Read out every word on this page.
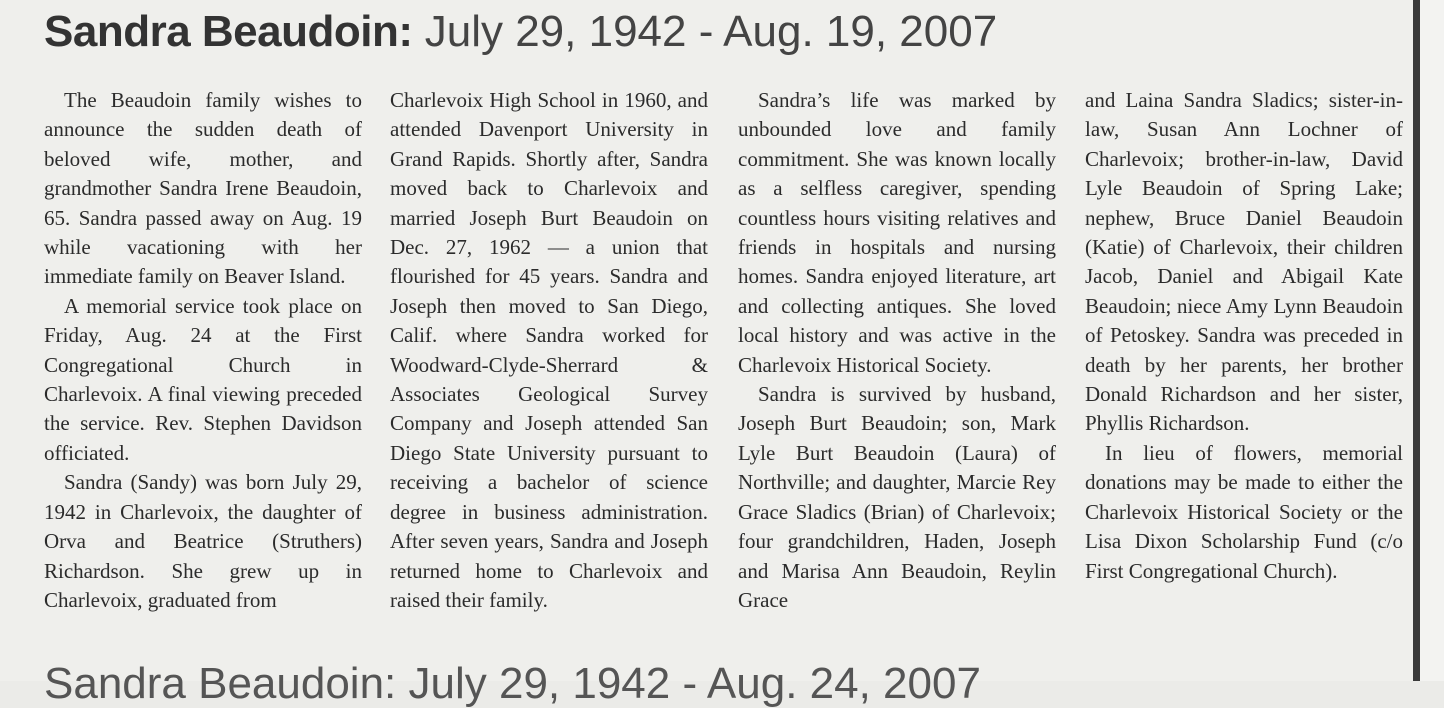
Sandra Beaudoin: July 29, 1942 - Aug. 19, 2007

The Beaudoin family wishes to announce the sudden death of beloved wife, mother, and grandmother Sandra Irene Beaudoin, 65. Sandra passed away on Aug. 19 while vacationing with her immediate family on Beaver Island.

A memorial service took place on Friday, Aug. 24 at the First Congregational Church in Charlevoix. A final viewing preceded the service. Rev. Stephen Davidson officiated.

Sandra (Sandy) was born July 29, 1942 in Charlevoix, the daughter of Orva and Beatrice (Struthers) Richardson. She grew up in Charlevoix, graduated from

Charlevoix High School in 1960, and attended Davenport University in Grand Rapids. Shortly after, Sandra moved back to Charlevoix and married Joseph Burt Beaudoin on Dec. 27, 1962 — a union that flourished for 45 years. Sandra and Joseph then moved to San Diego, Calif. where Sandra worked for Woodward-Clyde-Sherrard & Associates Geological Survey Company and Joseph attended San Diego State University pursuant to receiving a bachelor of science degree in business administration. After seven years, Sandra and Joseph returned home to Charlevoix and raised their family.

Sandra’s life was marked by unbounded love and family commitment. She was known locally as a selfless caregiver, spending countless hours visiting relatives and friends in hospitals and nursing homes. Sandra enjoyed literature, art and collecting antiques. She loved local history and was active in the Charlevoix Historical Society.

Sandra is survived by husband, Joseph Burt Beaudoin; son, Mark Lyle Burt Beaudoin (Laura) of Northville; and daughter, Marcie Rey Grace Sladics (Brian) of Charlevoix; four grandchildren, Haden, Joseph and Marisa Ann Beaudoin, Reylin Grace

and Laina Sandra Sladics; sister-in-law, Susan Ann Lochner of Charlevoix; brother-in-law, David Lyle Beaudoin of Spring Lake; nephew, Bruce Daniel Beaudoin (Katie) of Charlevoix, their children Jacob, Daniel and Abigail Kate Beaudoin; niece Amy Lynn Beaudoin of Petoskey. Sandra was preceded in death by her parents, her brother Donald Richardson and her sister, Phyllis Richardson.

In lieu of flowers, memorial donations may be made to either the Charlevoix Historical Society or the Lisa Dixon Scholarship Fund (c/o First Congregational Church).

Sandra Beaudoin: July 29, 1942 - Aug. 24, 2007
